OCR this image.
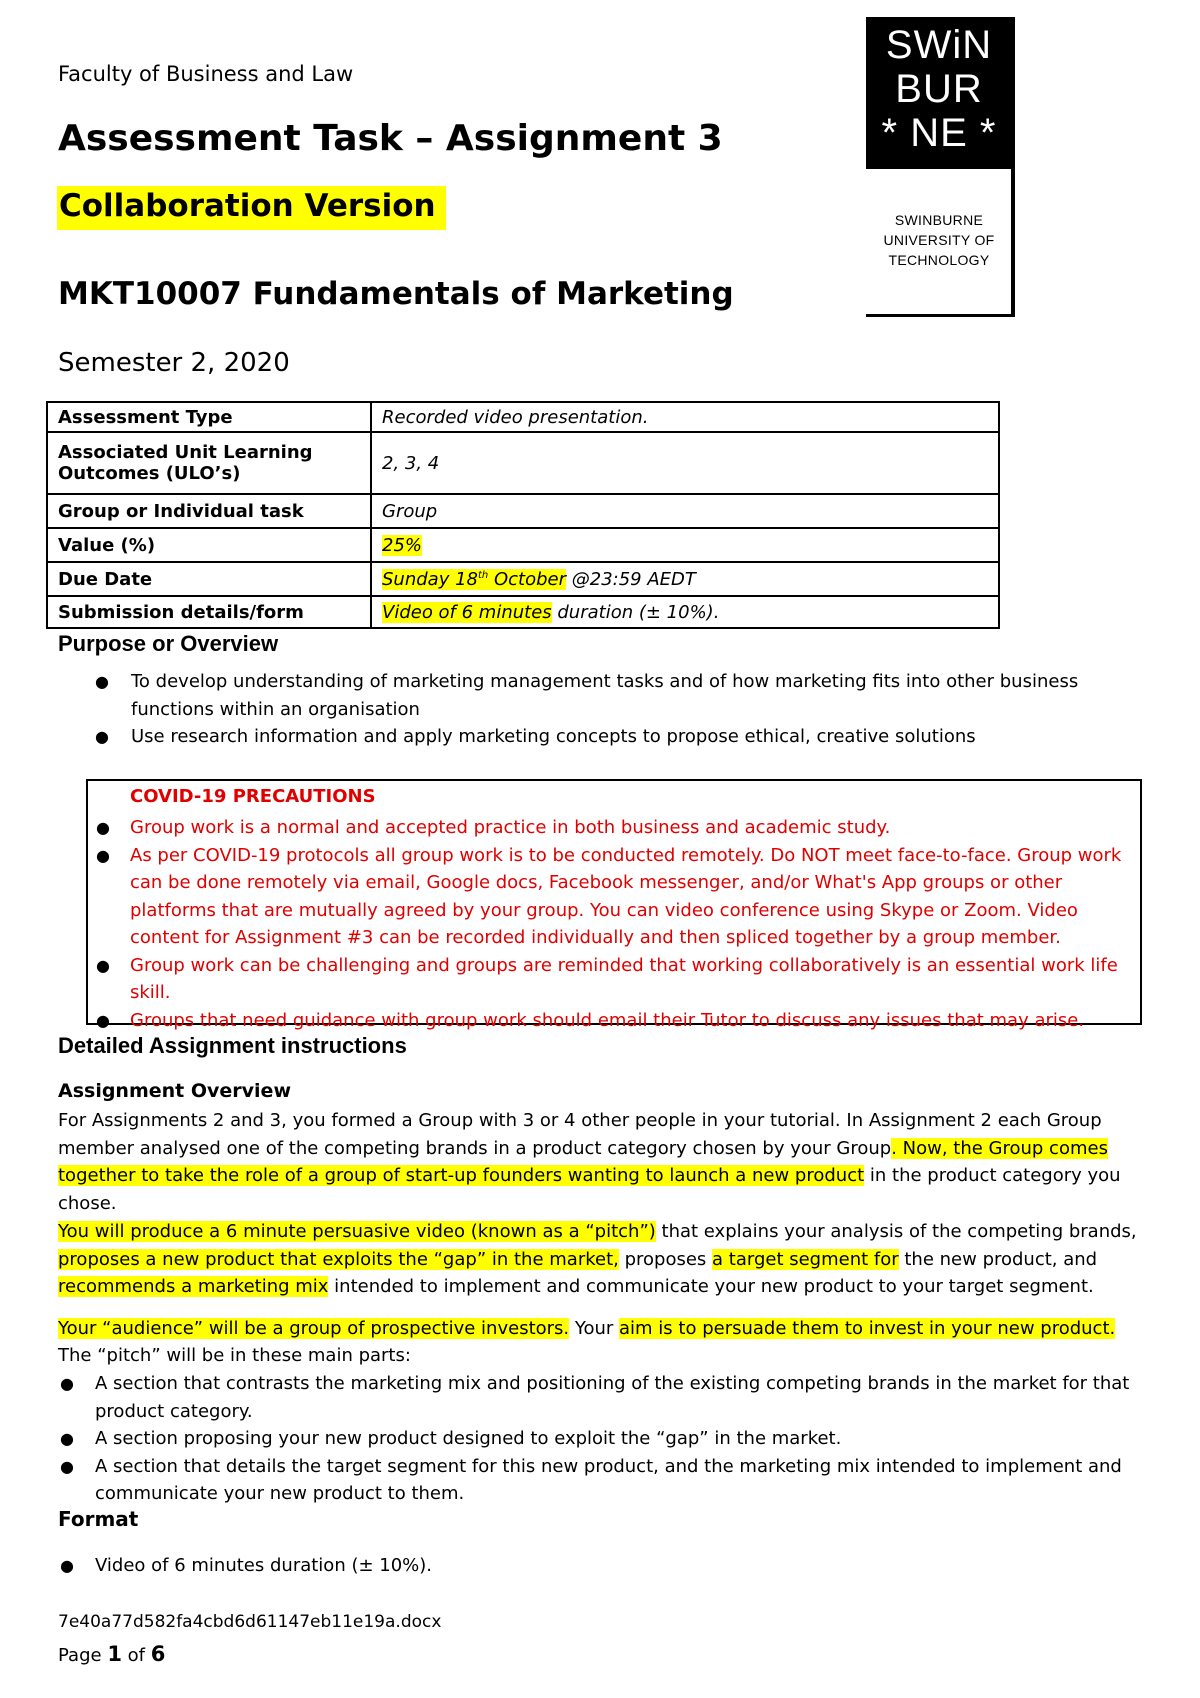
Faculty of Business and Law
Assessment Task – Assignment 3
Collaboration Version
MKT10007 Fundamentals of Marketing
Semester 2, 2020
SWiN
BUR
* NE *
SWINBURNE
UNIVERSITY OF
TECHNOLOGY
Assessment Type	Recorded video presentation.
Associated Unit Learning Outcomes (ULO’s)	2, 3, 4
Group or Individual task	Group
Value (%)	25%
Due Date	Sunday 18th October @23:59 AEDT
Submission details/form	Video of 6 minutes duration (± 10%).
Purpose or Overview
● To develop understanding of marketing management tasks and of how marketing fits into other business functions within an organisation
● Use research information and apply marketing concepts to propose ethical, creative solutions
COVID-19 PRECAUTIONS
● Group work is a normal and accepted practice in both business and academic study.
● As per COVID-19 protocols all group work is to be conducted remotely. Do NOT meet face-to-face. Group work can be done remotely via email, Google docs, Facebook messenger, and/or What's App groups or other platforms that are mutually agreed by your group. You can video conference using Skype or Zoom. Video content for Assignment #3 can be recorded individually and then spliced together by a group member.
● Group work can be challenging and groups are reminded that working collaboratively is an essential work life skill.
● Groups that need guidance with group work should email their Tutor to discuss any issues that may arise.
Detailed Assignment instructions
Assignment Overview
For Assignments 2 and 3, you formed a Group with 3 or 4 other people in your tutorial. In Assignment 2 each Group member analysed one of the competing brands in a product category chosen by your Group. Now, the Group comes together to take the role of a group of start-up founders wanting to launch a new product in the product category you chose.
You will produce a 6 minute persuasive video (known as a “pitch”) that explains your analysis of the competing brands, proposes a new product that exploits the “gap” in the market, proposes a target segment for the new product, and recommends a marketing mix intended to implement and communicate your new product to your target segment.
Your “audience” will be a group of prospective investors. Your aim is to persuade them to invest in your new product.
The “pitch” will be in these main parts:
● A section that contrasts the marketing mix and positioning of the existing competing brands in the market for that product category.
● A section proposing your new product designed to exploit the “gap” in the market.
● A section that details the target segment for this new product, and the marketing mix intended to implement and communicate your new product to them.
Format
● Video of 6 minutes duration (± 10%).
7e40a77d582fa4cbd6d61147eb11e19a.docx
Page 1 of 6
